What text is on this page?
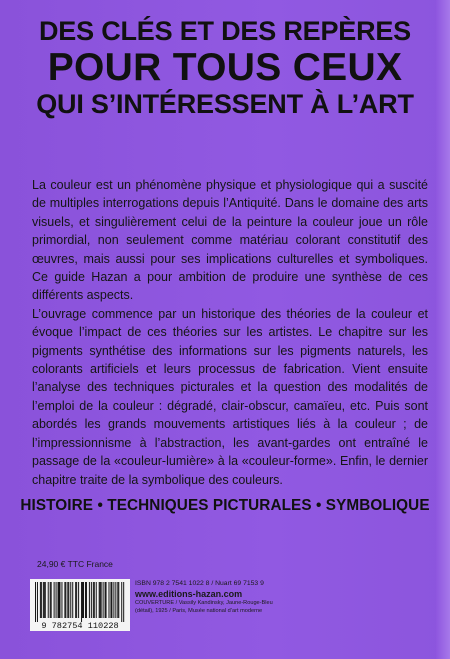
DES CLÉS ET DES REPÈRES
POUR TOUS CEUX
QUI S’INTÉRESSENT À L’ART

La couleur est un phénomène physique et physiologique qui a suscité de multiples interrogations depuis l’Antiquité. Dans le domaine des arts visuels, et singulièrement celui de la peinture la couleur joue un rôle primordial, non seulement comme matériau colorant constitutif des œuvres, mais aussi pour ses implications culturelles et symboliques. Ce guide Hazan a pour ambition de produire une synthèse de ces différents aspects.

L’ouvrage commence par un historique des théories de la couleur et évoque l’impact de ces théories sur les artistes. Le chapitre sur les pigments synthétise des informations sur les pigments naturels, les colorants artificiels et leurs processus de fabrication. Vient ensuite l’analyse des techniques picturales et la question des modalités de l’emploi de la couleur : dégradé, clair-obscur, camaïeu, etc. Puis sont abordés les grands mouvements artistiques liés à la couleur ; de l’impressionnisme à l’abstraction, les avant-gardes ont entraîné le passage de la «couleur-lumière» à la «couleur-forme». Enfin, le dernier chapitre traite de la symbolique des couleurs.

HISTOIRE • TECHNIQUES PICTURALES • SYMBOLIQUE
24,90 € TTC France
9 782754 110228
ISBN 978 2 7541 1022 8 / Nuart 69 7153 9
www.editions-hazan.com
COUVERTURE / Vassily Kandinsky, Jaune-Rouge-Bleu
(détail), 1925 / Paris, Musée national d’art moderne
